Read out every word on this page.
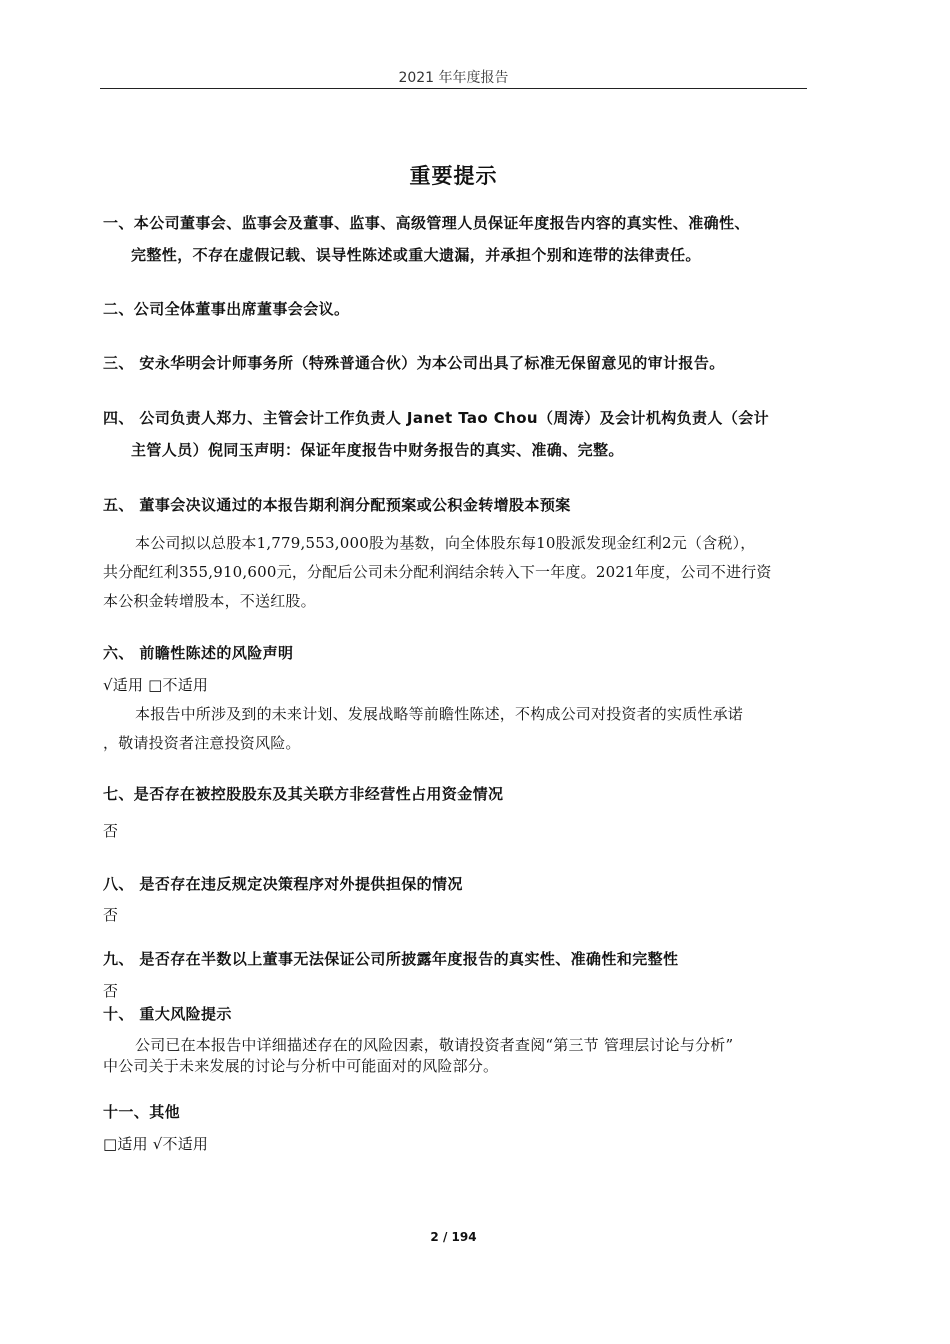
2021 年年度报告
重要提示
一、本公司董事会、监事会及董事、监事、高级管理人员保证年度报告内容的真实性、准确性、
完整性，不存在虚假记载、误导性陈述或重大遗漏，并承担个别和连带的法律责任。
二、公司全体董事出席董事会会议。
三、 安永华明会计师事务所（特殊普通合伙）为本公司出具了标准无保留意见的审计报告。
四、 公司负责人郑力、主管会计工作负责人 Janet Tao Chou（周涛）及会计机构负责人（会计
主管人员）倪同玉声明：保证年度报告中财务报告的真实、准确、完整。
五、 董事会决议通过的本报告期利润分配预案或公积金转增股本预案
本公司拟以总股本1,779,553,000股为基数，向全体股东每10股派发现金红利2元（含税），
共分配红利355,910,600元，分配后公司未分配利润结余转入下一年度。2021年度，公司不进行资
本公积金转增股本，不送红股。
六、 前瞻性陈述的风险声明
√适用 □不适用
本报告中所涉及到的未来计划、发展战略等前瞻性陈述，不构成公司对投资者的实质性承诺
，敬请投资者注意投资风险。
七、是否存在被控股股东及其关联方非经营性占用资金情况
否
八、 是否存在违反规定决策程序对外提供担保的情况
否
九、 是否存在半数以上董事无法保证公司所披露年度报告的真实性、准确性和完整性
否
十、 重大风险提示
公司已在本报告中详细描述存在的风险因素，敬请投资者查阅“第三节 管理层讨论与分析”
中公司关于未来发展的讨论与分析中可能面对的风险部分。
十一、其他
□适用 √不适用
2 / 194
